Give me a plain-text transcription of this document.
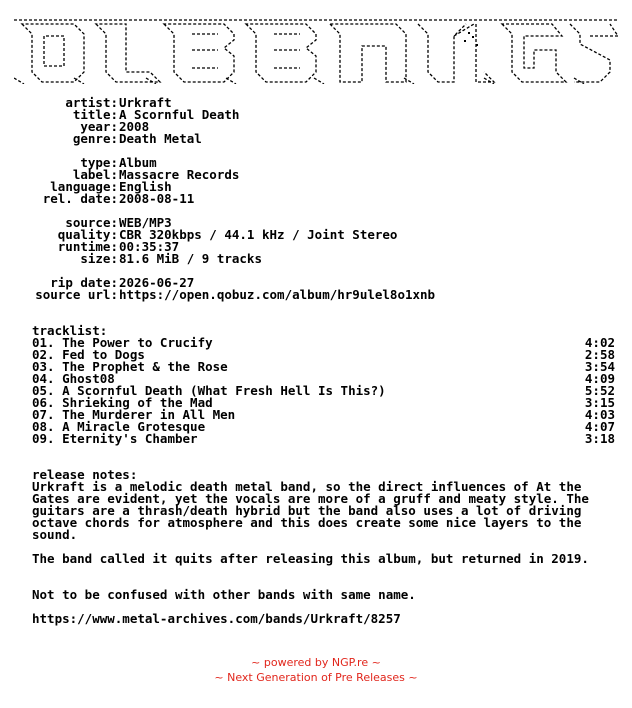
artist: Urkraft
title: A Scornful Death
year: 2008
genre: Death Metal
type: Album
label: Massacre Records
language: English
rel. date: 2008-08-11
source: WEB/MP3
quality: CBR 320kbps / 44.1 kHz / Joint Stereo
runtime: 00:35:37
size: 81.6 MiB / 9 tracks
rip date: 2026-06-27
source url: https://open.qobuz.com/album/hr9ulel8o1xnb

tracklist:

01. The Power to Crucify	4:02
02. Fed to Dogs	2:58
03. The Prophet & the Rose	3:54
04. Ghost08	4:09
05. A Scornful Death (What Fresh Hell Is This?)	5:52
06. Shrieking of the Mad	3:15
07. The Murderer in All Men	4:03
08. A Miracle Grotesque	4:07
09. Eternity's Chamber	3:18

release notes:

Urkraft is a melodic death metal band, so the direct influences of At the Gates are evident, yet the vocals are more of a gruff and meaty style. The guitars are a thrash/death hybrid but the band also uses a lot of driving octave chords for atmosphere and this does create some nice layers to the sound.
The band called it quits after releasing this album, but returned in 2019.
Not to be confused with other bands with same name.
https://www.metal-archives.com/bands/Urkraft/8257
~ powered by NGP.re ~
~ Next Generation of Pre Releases ~
